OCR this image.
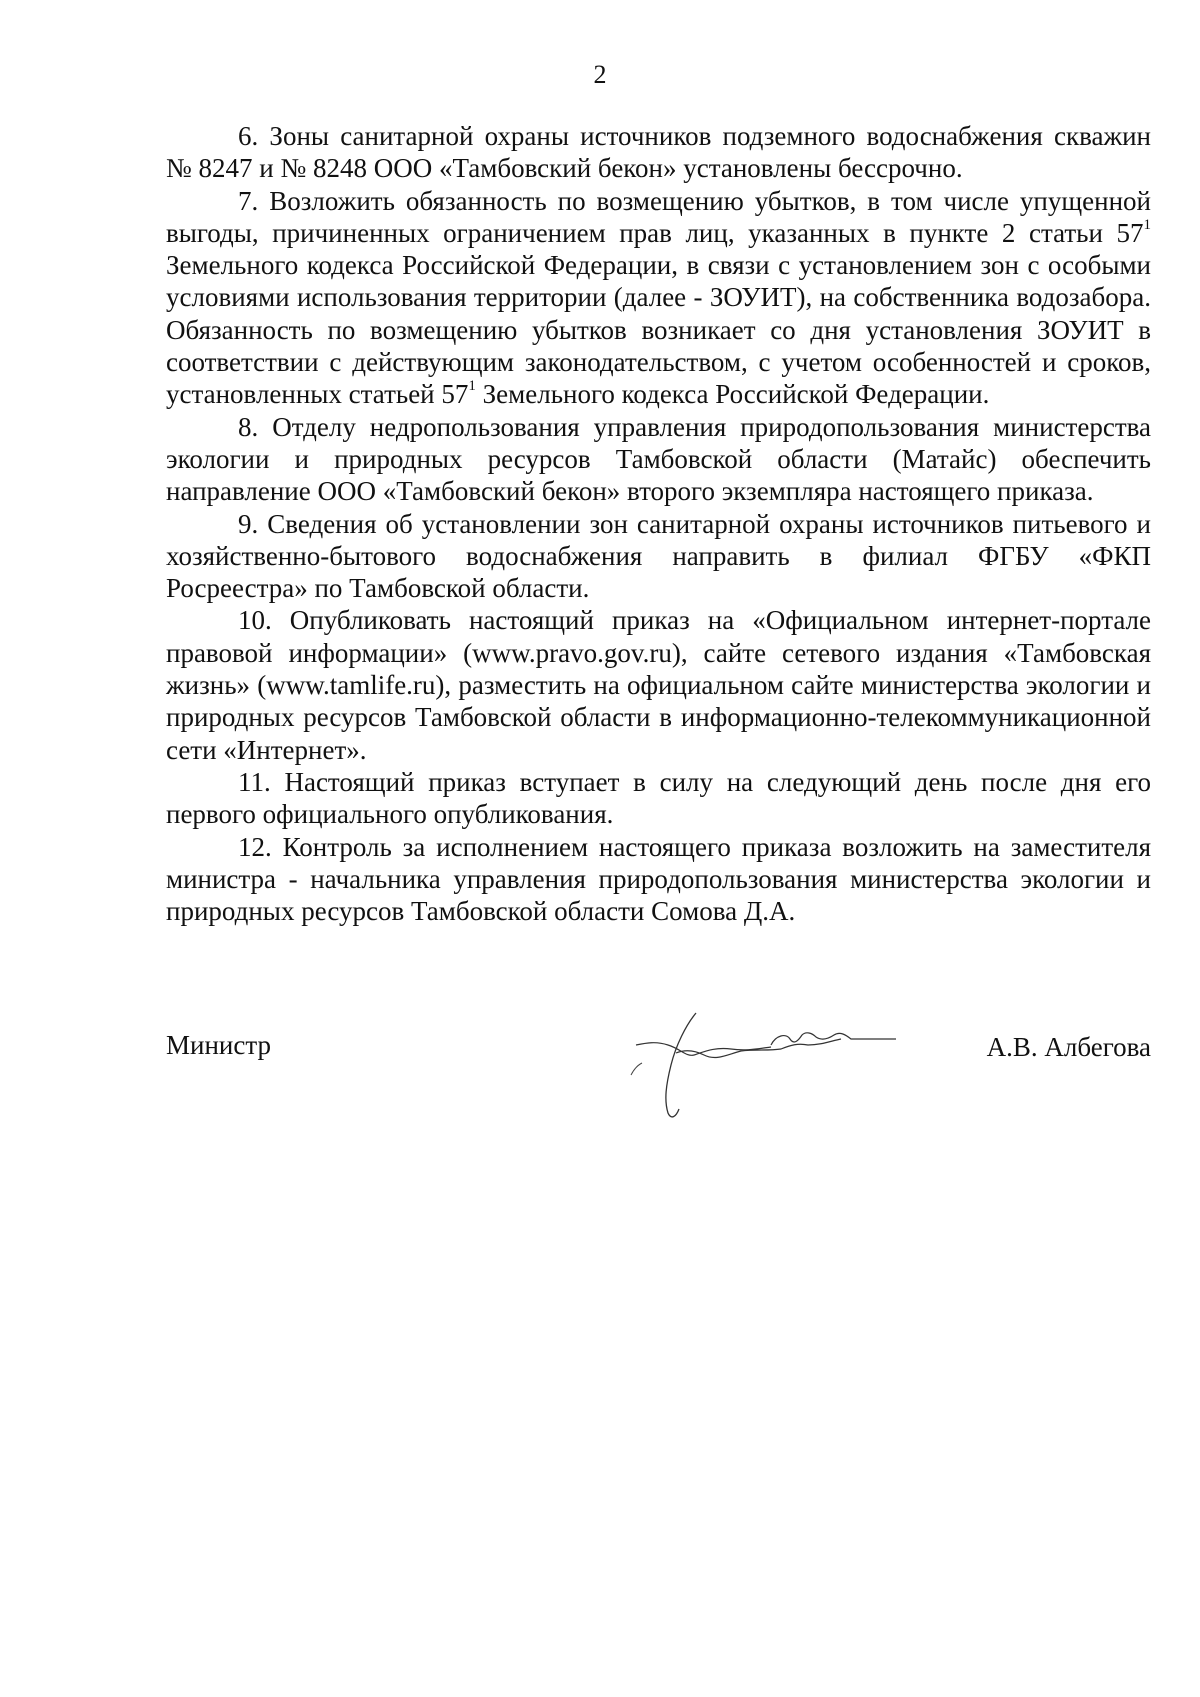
2

6. Зоны санитарной охраны источников подземного водоснабжения скважин № 8247 и № 8248 ООО «Тамбовский бекон» установлены бессрочно.

7. Возложить обязанность по возмещению убытков, в том числе упущенной выгоды, причиненных ограничением прав лиц, указанных в пункте 2 статьи $57^1$ Земельного кодекса Российской Федерации, в связи с установлением зон с особыми условиями использования территории (далее - ЗОУИТ), на собственника водозабора. Обязанность по возмещению убытков возникает со дня установления ЗОУИТ в соответствии с действующим законодательством, с учетом особенностей и сроков, установленных статьей $57^1$ Земельного кодекса Российской Федерации.

8. Отделу недропользования управления природопользования министерства экологии и природных ресурсов Тамбовской области (Матайс) обеспечить направление ООО «Тамбовский бекон» второго экземпляра настоящего приказа.

9. Сведения об установлении зон санитарной охраны источников питьевого и хозяйственно-бытового водоснабжения направить в филиал ФГБУ «ФКП Росреестра» по Тамбовской области.

10. Опубликовать настоящий приказ на «Официальном интернет-портале правовой информации» (www.pravo.gov.ru), сайте сетевого издания «Тамбовская жизнь» (www.tamlife.ru), разместить на официальном сайте министерства экологии и природных ресурсов Тамбовской области в информационно-телекоммуникационной сети «Интернет».

11. Настоящий приказ вступает в силу на следующий день после дня его первого официального опубликования.

12. Контроль за исполнением настоящего приказа возложить на заместителя министра - начальника управления природопользования министерства экологии и природных ресурсов Тамбовской области Сомова Д.А.

Министр	А.В. Албегова
